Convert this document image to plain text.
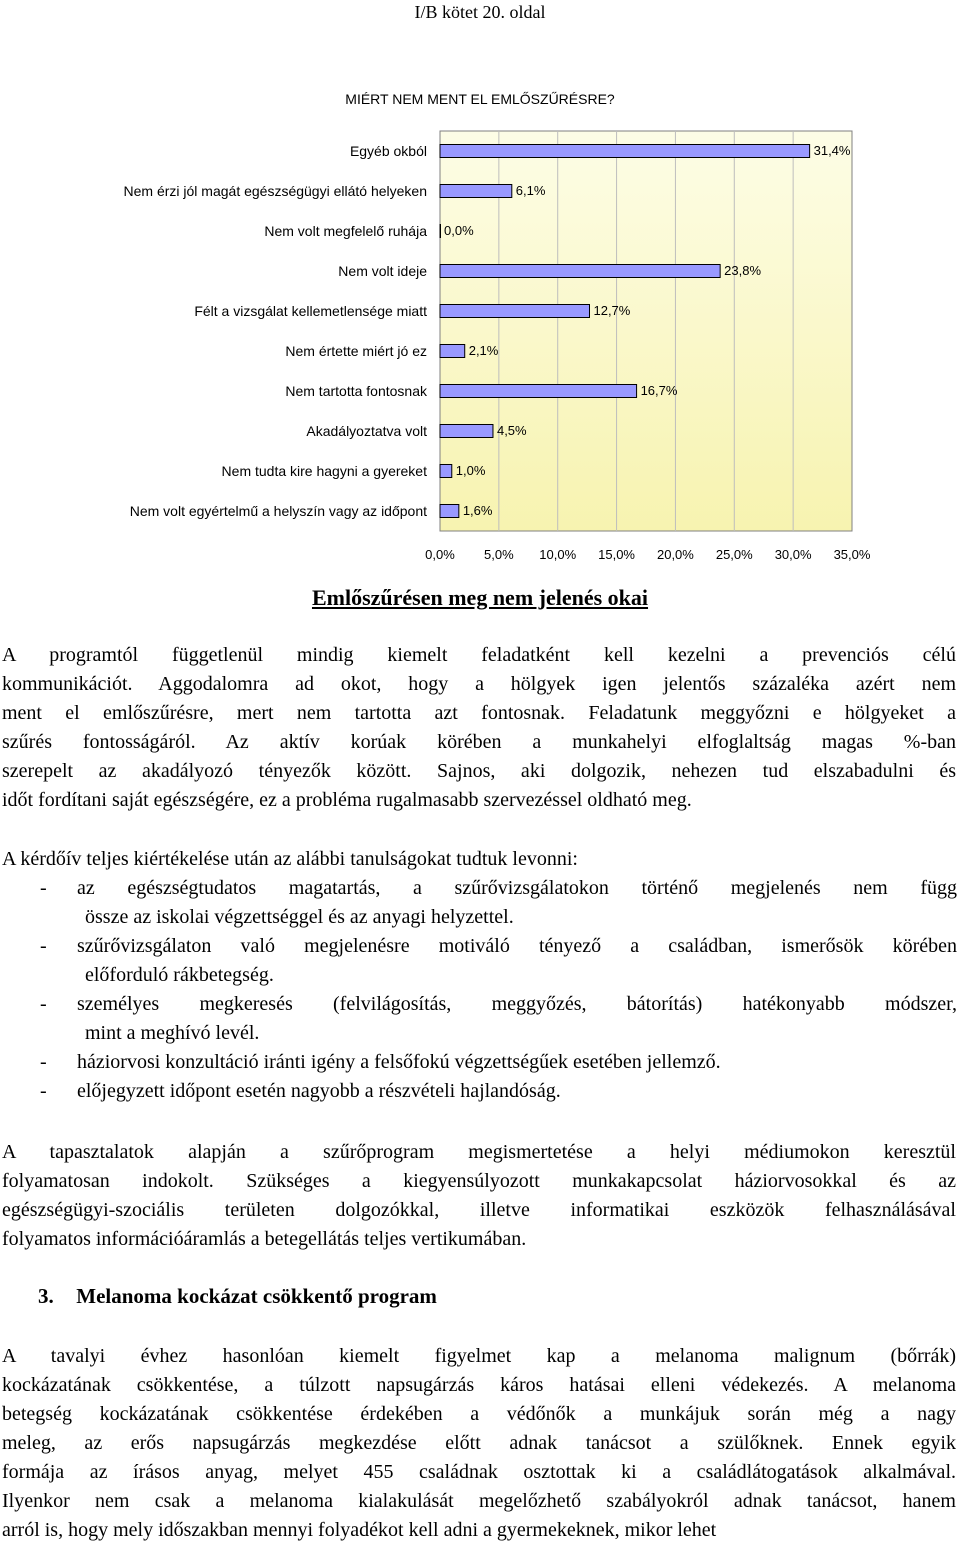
I/B kötet 20. oldal
MIÉRT NEM MENT EL EMLŐSZŰRÉSRE?
Egyéb okból
Nem érzi jól magát egészségügyi ellátó helyeken
Nem volt megfelelő ruhája
Nem volt ideje
Félt a vizsgálat kellemetlensége miatt
Nem értette miért jó ez
Nem tartotta fontosnak
Akadályoztatva volt
Nem tudta kire hagyni a gyereket
Nem volt egyértelmű a helyszín vagy az időpont
31,4%
6,1%
0,0%
23,8%
12,7%
2,1%
16,7%
4,5%
1,0%
1,6%
0,0% 5,0% 10,0% 15,0% 20,0% 25,0% 30,0% 35,0%
Emlőszűrésen meg nem jelenés okai
A programtól függetlenül mindig kiemelt feladatként kell kezelni a prevenciós célú
kommunikációt. Aggodalomra ad okot, hogy a hölgyek igen jelentős százaléka azért nem
ment el emlőszűrésre, mert nem tartotta azt fontosnak. Feladatunk meggyőzni e hölgyeket a
szűrés fontosságáról. Az aktív korúak körében a munkahelyi elfoglaltság magas %-ban
szerepelt az akadályozó tényezők között. Sajnos, aki dolgozik, nehezen tud elszabadulni és
időt fordítani saját egészségére, ez a probléma rugalmasabb szervezéssel oldható meg.
A kérdőív teljes kiértékelése után az alábbi tanulságokat tudtuk levonni:
- az egészségtudatos magatartás, a szűrővizsgálatokon történő megjelenés nem függ
össze az iskolai végzettséggel és az anyagi helyzettel.
- szűrővizsgálaton való megjelenésre motiváló tényező a családban, ismerősök körében
előforduló rákbetegség.
- személyes megkeresés (felvilágosítás, meggyőzés, bátorítás) hatékonyabb módszer,
mint a meghívó levél.
- háziorvosi konzultáció iránti igény a felsőfokú végzettségűek esetében jellemző.
- előjegyzett időpont esetén nagyobb a részvételi hajlandóság.
A tapasztalatok alapján a szűrőprogram megismertetése a helyi médiumokon keresztül
folyamatosan indokolt. Szükséges a kiegyensúlyozott munkakapcsolat háziorvosokkal és az
egészségügyi-szociális területen dolgozókkal, illetve informatikai eszközök felhasználásával
folyamatos információáramlás a betegellátás teljes vertikumában.
3. Melanoma kockázat csökkentő program
A tavalyi évhez hasonlóan kiemelt figyelmet kap a melanoma malignum (bőrrák)
kockázatának csökkentése, a túlzott napsugárzás káros hatásai elleni védekezés. A melanoma
betegség kockázatának csökkentése érdekében a védőnők a munkájuk során még a nagy
meleg, az erős napsugárzás megkezdése előtt adnak tanácsot a szülőknek. Ennek egyik
formája az írásos anyag, melyet 455 családnak osztottak ki a családlátogatások alkalmával.
Ilyenkor nem csak a melanoma kialakulását megelőzhető szabályokról adnak tanácsot, hanem
arról is, hogy mely időszakban mennyi folyadékot kell adni a gyermekeknek, mikor lehet
